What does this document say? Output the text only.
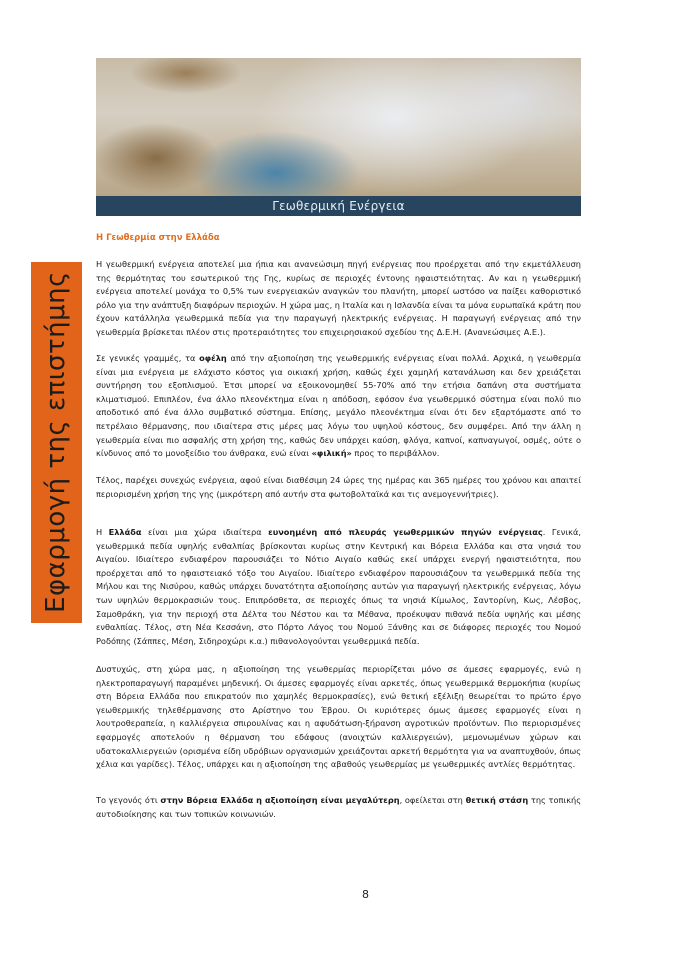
Γεωθερμική Ενέργεια
Εφαρμογή της επιστήμης
Η Γεωθερμία στην Ελλάδα
Η γεωθερμική ενέργεια αποτελεί μια ήπια και ανανεώσιμη πηγή ενέργειας που προέρχεται από την εκμετάλλευση της θερμότητας του εσωτερικού της Γης, κυρίως σε περιοχές έντονης ηφαιστειότητας. Αν και η γεωθερμική ενέργεια αποτελεί μονάχα το 0,5% των ενεργειακών αναγκών του πλανήτη, μπορεί ωστόσο να παίξει καθοριστικό ρόλο για την ανάπτυξη διαφόρων περιοχών. Η χώρα μας, η Ιταλία και η Ισλανδία είναι τα μόνα ευρωπαϊκά κράτη που έχουν κατάλληλα γεωθερμικά πεδία για την παραγωγή ηλεκτρικής ενέργειας. Η παραγωγή ενέργειας από την γεωθερμία βρίσκεται πλέον στις προτεραιότητες του επιχειρησιακού σχεδίου της Δ.Ε.Η. (Ανανεώσιμες Α.Ε.).
Σε γενικές γραμμές, τα οφέλη από την αξιοποίηση της γεωθερμικής ενέργειας είναι πολλά. Αρχικά, η γεωθερμία είναι μια ενέργεια με ελάχιστο κόστος για οικιακή χρήση, καθώς έχει χαμηλή κατανάλωση και δεν χρειάζεται συντήρηση του εξοπλισμού. Έτσι μπορεί να εξοικονομηθεί 55-70% από την ετήσια δαπάνη στα συστήματα κλιματισμού. Επιπλέον, ένα άλλο πλεονέκτημα είναι η απόδοση, εφόσον ένα γεωθερμικό σύστημα είναι πολύ πιο αποδοτικό από ένα άλλο συμβατικό σύστημα. Επίσης, μεγάλο πλεονέκτημα είναι ότι δεν εξαρτόμαστε από το πετρέλαιο θέρμανσης, που ιδιαίτερα στις μέρες μας λόγω του υψηλού κόστους, δεν συμφέρει. Από την άλλη η γεωθερμία είναι πιο ασφαλής στη χρήση της, καθώς δεν υπάρχει καύση, φλόγα, καπνοί, καπναγωγοί, οσμές, ούτε ο κίνδυνος από το μονοξείδιο του άνθρακα, ενώ είναι «φιλική» προς το περιβάλλον.
Τέλος, παρέχει συνεχώς ενέργεια, αφού είναι διαθέσιμη 24 ώρες της ημέρας και 365 ημέρες του χρόνου και απαιτεί περιορισμένη χρήση της γης (μικρότερη από αυτήν στα φωτοβολταϊκά και τις ανεμογεννήτριες).
Η Ελλάδα είναι μια χώρα ιδιαίτερα ευνοημένη από πλευράς γεωθερμικών πηγών ενέργειας. Γενικά, γεωθερμικά πεδία υψηλής ενθαλπίας βρίσκονται κυρίως στην Κεντρική και Βόρεια Ελλάδα και στα νησιά του Αιγαίου. Ιδιαίτερο ενδιαφέρον παρουσιάζει το Νότιο Αιγαίο καθώς εκεί υπάρχει ενεργή ηφαιστειότητα, που προέρχεται από το ηφαιστειακό τόξο του Αιγαίου. Ιδιαίτερο ενδιαφέρον παρουσιάζουν τα γεωθερμικά πεδία της Μήλου και της Νισύρου, καθώς υπάρχει δυνατότητα αξιοποίησης αυτών για παραγωγή ηλεκτρικής ενέργειας, λόγω των υψηλών θερμοκρασιών τους. Επιπρόσθετα, σε περιοχές όπως τα νησιά Κίμωλος, Σαντορίνη, Κως, Λέσβος, Σαμοθράκη, για την περιοχή στα Δέλτα του Νέστου και τα Μέθανα, προέκυψαν πιθανά πεδία υψηλής και μέσης ενθαλπίας. Τέλος, στη Νέα Κεσσάνη, στο Πόρτο Λάγος του Νομού Ξάνθης και σε διάφορες περιοχές του Νομού Ροδόπης (Σάππες, Μέση, Σιδηροχώρι κ.α.) πιθανολογούνται γεωθερμικά πεδία.
Δυστυχώς, στη χώρα μας, η αξιοποίηση της γεωθερμίας περιορίζεται μόνο σε άμεσες εφαρμογές, ενώ η ηλεκτροπαραγωγή παραμένει μηδενική. Οι άμεσες εφαρμογές είναι αρκετές, όπως γεωθερμικά θερμοκήπια (κυρίως στη Βόρεια Ελλάδα που επικρατούν πιο χαμηλές θερμοκρασίες), ενώ θετική εξέλιξη θεωρείται το πρώτο έργο γεωθερμικής τηλεθέρμανσης στο Αρίστηνο του Έβρου. Οι κυριότερες όμως άμεσες εφαρμογές είναι η λουτροθεραπεία, η καλλιέργεια σπιρουλίνας και η αφυδάτωση-ξήρανση αγροτικών προϊόντων. Πιο περιορισμένες εφαρμογές αποτελούν η θέρμανση του εδάφους (ανοιχτών καλλιεργειών), μεμονωμένων χώρων και υδατοκαλλιεργειών (ορισμένα είδη υδρόβιων οργανισμών χρειάζονται αρκετή θερμότητα για να αναπτυχθούν, όπως χέλια και γαρίδες). Τέλος, υπάρχει και η αξιοποίηση της αβαθούς γεωθερμίας με γεωθερμικές αντλίες θερμότητας.
Το γεγονός ότι στην Βόρεια Ελλάδα η αξιοποίηση είναι μεγαλύτερη, οφείλεται στη θετική στάση της τοπικής αυτοδιοίκησης και των τοπικών κοινωνιών.
8
